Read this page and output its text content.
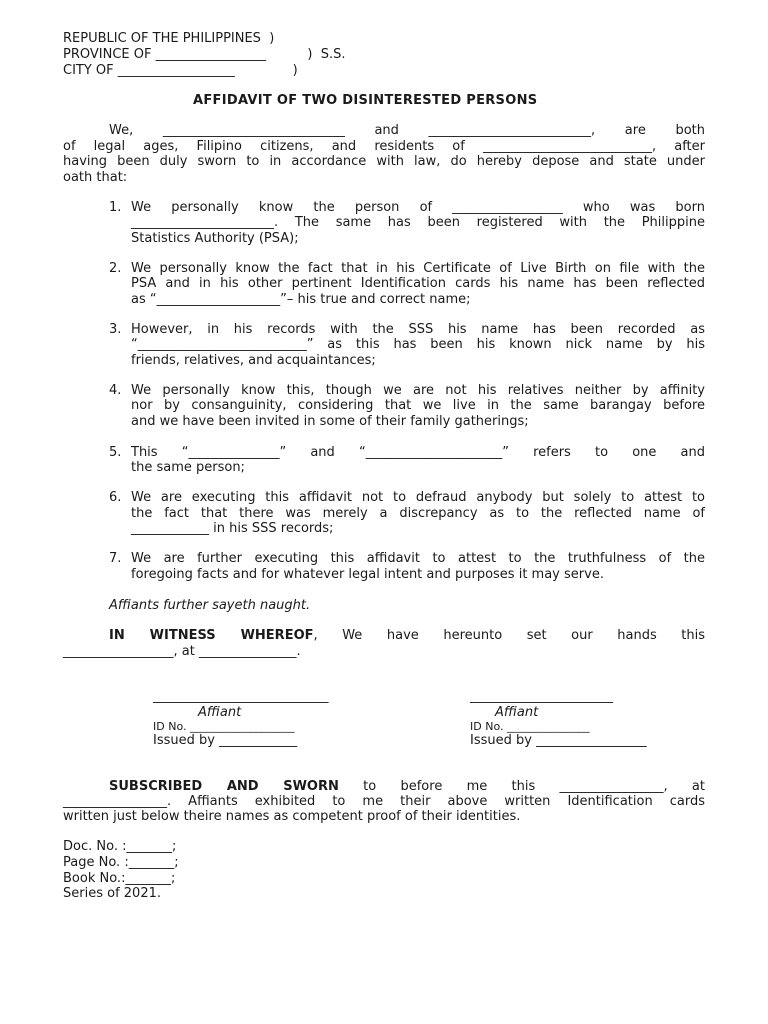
REPUBLIC OF THE PHILIPPINES  )
PROVINCE OF _________________          )  S.S.
CITY OF __________________              )
AFFIDAVIT OF TWO DISINTERESTED PERSONS
We, ____________________________ and _________________________, are both
of legal ages, Filipino citizens, and residents of __________________________, after
having been duly sworn to in accordance with law, do hereby depose and state under
oath that:
1. We personally know the person of _________________ who was born
______________________. The same has been registered with the Philippine
Statistics Authority (PSA);
2. We personally know the fact that in his Certificate of Live Birth on file with the
PSA and in his other pertinent Identification cards his name has been reflected
as “___________________”– his true and correct name;
3. However, in his records with the SSS his name has been recorded as
“__________________________” as this has been his known nick name by his
friends, relatives, and acquaintances;
4. We personally know this, though we are not his relatives neither by affinity
nor by consanguinity, considering that we live in the same barangay before
and we have been invited in some of their family gatherings;
5. This “______________” and “_____________________” refers to one and
the same person;
6. We are executing this affidavit not to defraud anybody but solely to attest to
the fact that there was merely a discrepancy as to the reflected name of
____________ in his SSS records;
7. We are further executing this affidavit to attest to the truthfulness of the
foregoing facts and for whatever legal intent and purposes it may serve.
Affiants further sayeth naught.
IN WITNESS WHEREOF, We have hereunto set our hands this
_________________, at _______________.
___________________________
Affiant
ID No. ___________________
Issued by ____________
______________________
Affiant
ID No. _______________
Issued by _________________
SUBSCRIBED AND SWORN to before me this ________________, at
________________. Affiants exhibited to me their above written Identification cards
written just below theire names as competent proof of their identities.
Doc. No. :_______;
Page No. :_______;
Book No.:_______;
Series of 2021.
